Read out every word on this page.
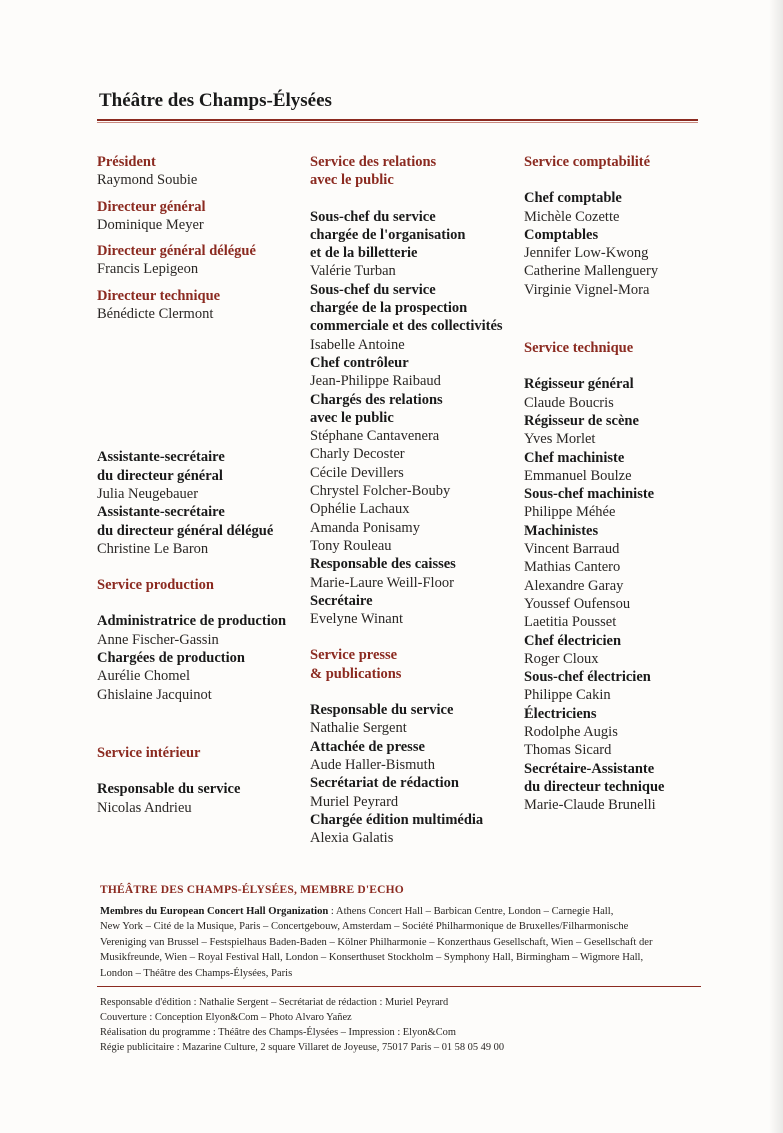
Théâtre des Champs-Élysées
Président
Raymond Soubie
Directeur général
Dominique Meyer
Directeur général délégué
Francis Lepigeon
Directeur technique
Bénédicte Clermont
Assistante-secrétaire
du directeur général
Julia Neugebauer
Assistante-secrétaire
du directeur général délégué
Christine Le Baron
Service production
Administratrice de production
Anne Fischer-Gassin
Chargées de production
Aurélie Chomel
Ghislaine Jacquinot
Service intérieur
Responsable du service
Nicolas Andrieu
Service des relations
avec le public
Sous-chef du service
chargée de l'organisation
et de la billetterie
Valérie Turban
Sous-chef du service
chargée de la prospection
commerciale et des collectivités
Isabelle Antoine
Chef contrôleur
Jean-Philippe Raibaud
Chargés des relations
avec le public
Stéphane Cantavenera
Charly Decoster
Cécile Devillers
Chrystel Folcher-Bouby
Ophélie Lachaux
Amanda Ponisamy
Tony Rouleau
Responsable des caisses
Marie-Laure Weill-Floor
Secrétaire
Evelyne Winant
Service presse
& publications
Responsable du service
Nathalie Sergent
Attachée de presse
Aude Haller-Bismuth
Secrétariat de rédaction
Muriel Peyrard
Chargée édition multimédia
Alexia Galatis
Service comptabilité
Chef comptable
Michèle Cozette
Comptables
Jennifer Low-Kwong
Catherine Mallenguery
Virginie Vignel-Mora
Service technique
Régisseur général
Claude Boucris
Régisseur de scène
Yves Morlet
Chef machiniste
Emmanuel Boulze
Sous-chef machiniste
Philippe Méhée
Machinistes
Vincent Barraud
Mathias Cantero
Alexandre Garay
Youssef Oufensou
Laetitia Pousset
Chef électricien
Roger Cloux
Sous-chef électricien
Philippe Cakin
Électriciens
Rodolphe Augis
Thomas Sicard
Secrétaire-Assistante
du directeur technique
Marie-Claude Brunelli
THÉÂTRE DES CHAMPS-ÉLYSÉES, MEMBRE D'ECHO
Membres du European Concert Hall Organization : Athens Concert Hall – Barbican Centre, London – Carnegie Hall,
New York – Cité de la Musique, Paris – Concertgebouw, Amsterdam – Société Philharmonique de Bruxelles/Filharmonische
Vereniging van Brussel – Festspielhaus Baden-Baden – Kölner Philharmonie – Konzerthaus Gesellschaft, Wien – Gesellschaft der
Musikfreunde, Wien – Royal Festival Hall, London – Konserthuset Stockholm – Symphony Hall, Birmingham – Wigmore Hall,
London – Théâtre des Champs-Élysées, Paris
Responsable d'édition : Nathalie Sergent – Secrétariat de rédaction : Muriel Peyrard
Couverture : Conception Elyon&Com – Photo Alvaro Yañez
Réalisation du programme : Théâtre des Champs-Élysées – Impression : Elyon&Com
Régie publicitaire : Mazarine Culture, 2 square Villaret de Joyeuse, 75017 Paris – 01 58 05 49 00
